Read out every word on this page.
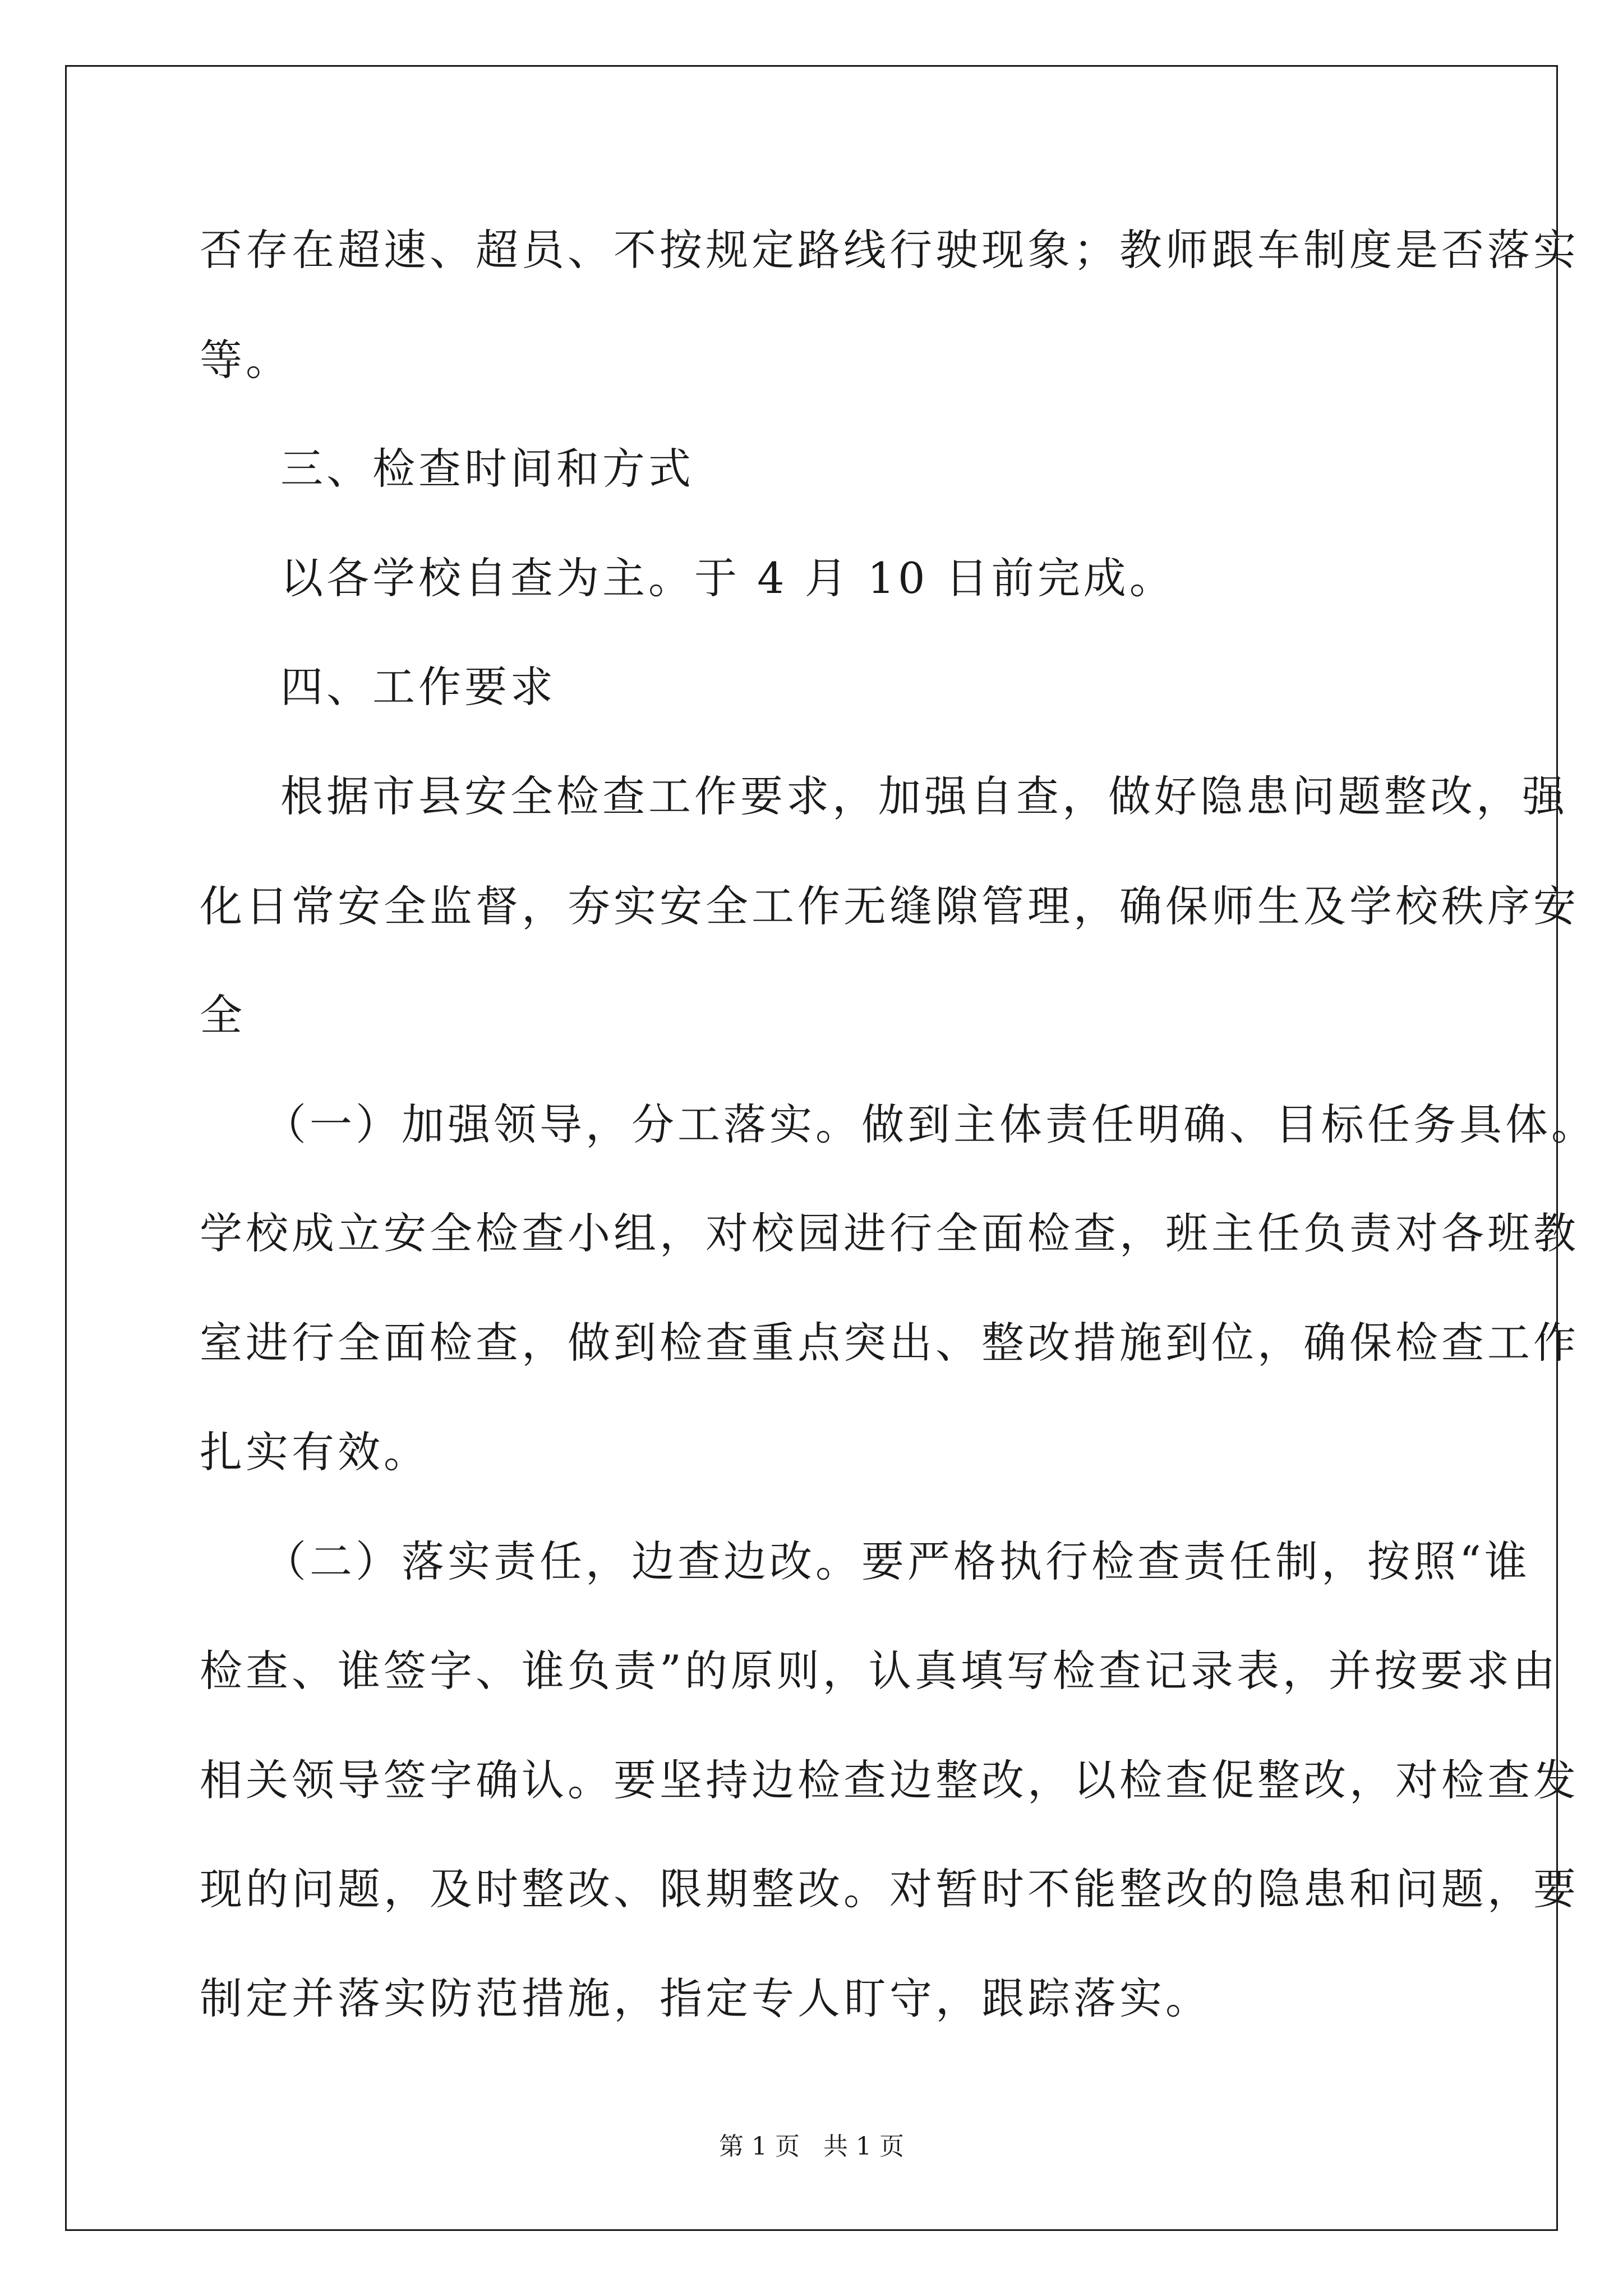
否存在超速、超员、不按规定路线行驶现象；教师跟车制度是否落实
等。
三、检查时间和方式
以各学校自查为主。于 4 月 10 日前完成。
四、工作要求
根据市县安全检查工作要求，加强自查，做好隐患问题整改，强
化日常安全监督，夯实安全工作无缝隙管理，确保师生及学校秩序安
全
（一）加强领导，分工落实。做到主体责任明确、目标任务具体。
学校成立安全检查小组，对校园进行全面检查，班主任负责对各班教
室进行全面检查，做到检查重点突出、整改措施到位，确保检查工作
扎实有效。
（二）落实责任，边查边改。要严格执行检查责任制，按照“谁
检查、谁签字、谁负责”的原则，认真填写检查记录表，并按要求由
相关领导签字确认。要坚持边检查边整改，以检查促整改，对检查发
现的问题，及时整改、限期整改。对暂时不能整改的隐患和问题，要
制定并落实防范措施，指定专人盯守，跟踪落实。
第 1 页   共 1 页
